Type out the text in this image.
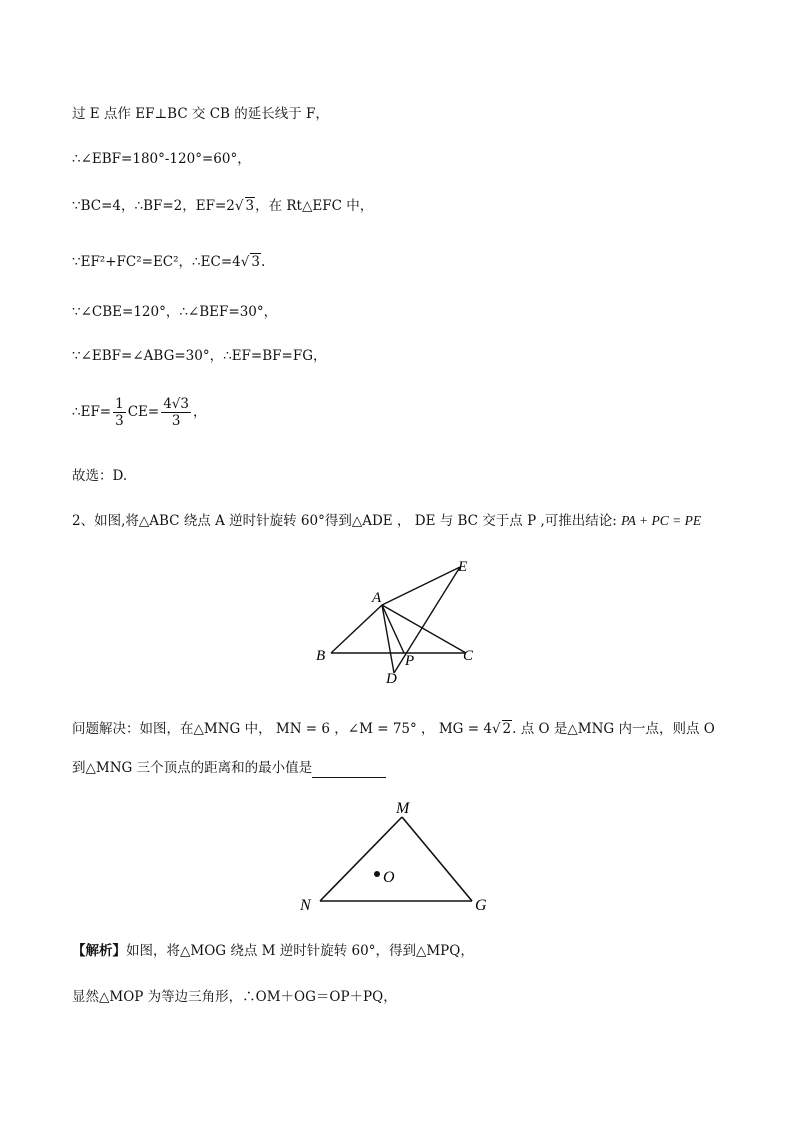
过 E 点作 EF⊥BC 交 CB 的延长线于 F，
∴∠EBF=180°-120°=60°，
∵BC=4，∴BF=2，EF=2√ 3，在 Rt△EFC 中，
∵EF²+FC²=EC²，∴EC=4√ 3.
∵∠CBE=120°，∴∠BEF=30°，
∵∠EBF=∠ABG=30°，∴EF=BF=FG，
∴EF= $\frac{1}{3} CE= \frac{4√3}{3}$ ，
故选：D.
2、如图,将△ABC 绕点 A 逆时针旋转 60°得到△ADE ， DE 与 BC 交于点 P ,可推出结论: PA + PC = PE
A
B	C
D
E
P
问题解决：如图，在△MNG 中， MN = 6 ，∠M = 75° ， MG = 4√ 2. 点 O 是△MNG 内一点，则点 O
到△MNG 三个顶点的距离和的最小值是
M
N	G
O
【解析】如图，将△MOG 绕点 M 逆时针旋转 60°，得到△MPQ，
显然△MOP 为等边三角形，∴OM＋OG＝OP＋PQ，
